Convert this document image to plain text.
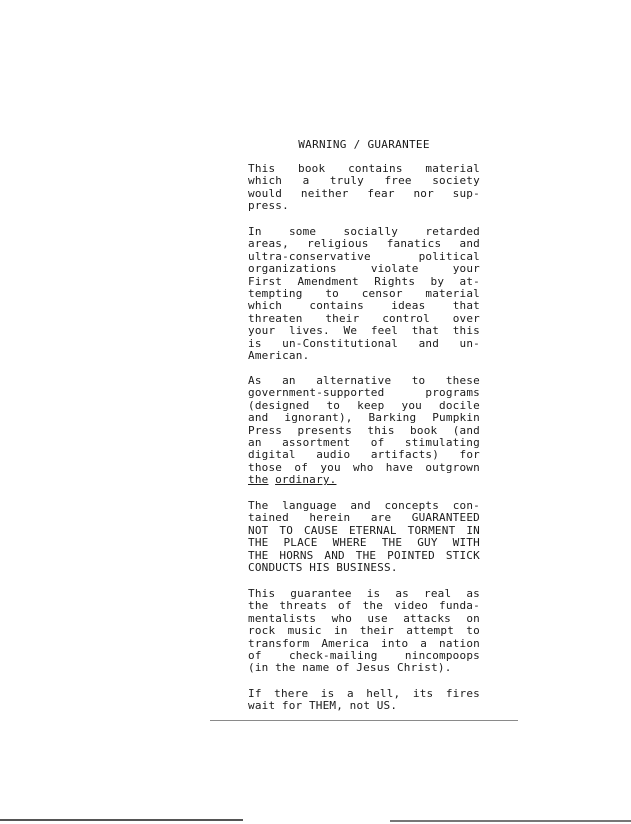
WARNING / GUARANTEE
This book contains material
which a truly free society
would neither fear nor sup-
press.
In some socially retarded
areas, religious fanatics and
ultra-conservative	political
organizations	violate	your
First Amendment Rights by at-
tempting to censor material
which contains ideas that
threaten their control over
your lives. We feel that this
is un-Constitutional and un-
American.
As an alternative to these
government-supported	programs
(designed to keep you docile
and ignorant), Barking Pumpkin
Press presents this book (and
an assortment of stimulating
digital audio artifacts) for
those of you who have outgrown
the ordinary.
The language and concepts con-
tained herein are GUARANTEED
NOT TO CAUSE ETERNAL TORMENT IN
THE PLACE WHERE THE GUY WITH
THE HORNS AND THE POINTED STICK
CONDUCTS HIS BUSINESS.
This guarantee is as real as
the threats of the video funda-
mentalists who use attacks on
rock music in their attempt to
transform America into a nation
of check-mailing nincompoops
(in the name of Jesus Christ).
If there is a hell, its fires
wait for THEM, not US.
